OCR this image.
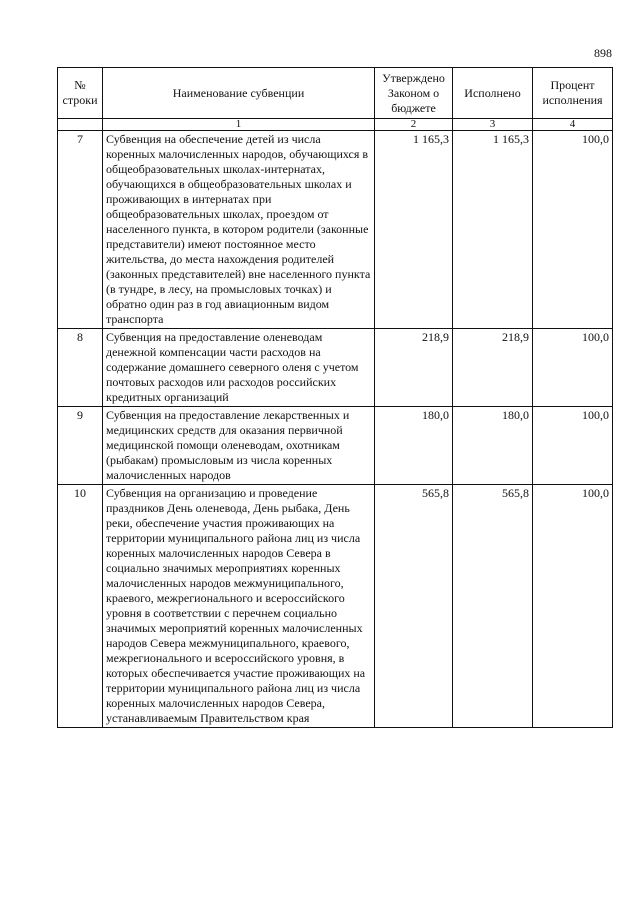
898
№ строки	Наименование субвенции	Утверждено Законом о бюджете	Исполнено	Процент исполнения
	1	2	3	4
7	Субвенция на обеспечение детей из числа коренных малочисленных народов, обучающихся в общеобразовательных школах-интернатах, обучающихся в общеобразовательных школах и проживающих в интернатах при общеобразовательных школах, проездом от населенного пункта, в котором родители (законные представители) имеют постоянное место жительства, до места нахождения родителей (законных представителей) вне населенного пункта (в тундре, в лесу, на промысловых точках) и обратно один раз в год авиационным видом транспорта	1 165,3	1 165,3	100,0
8	Субвенция на предоставление оленеводам денежной компенсации части расходов на содержание домашнего северного оленя с учетом почтовых расходов или расходов российских кредитных организаций	218,9	218,9	100,0
9	Субвенция на предоставление лекарственных и медицинских средств для оказания первичной медицинской помощи оленеводам, охотникам (рыбакам) промысловым из числа коренных малочисленных народов	180,0	180,0	100,0
10	Субвенция на организацию и проведение праздников День оленевода, День рыбака, День реки, обеспечение участия проживающих на территории муниципального района лиц из числа коренных малочисленных народов Севера в социально значимых мероприятиях коренных малочисленных народов межмуниципального, краевого, межрегионального и всероссийского уровня в соответствии с перечнем социально значимых мероприятий коренных малочисленных народов Севера межмуниципального, краевого, межрегионального и всероссийского уровня, в которых обеспечивается участие проживающих на территории муниципального района лиц из числа коренных малочисленных народов Севера, устанавливаемым Правительством края	565,8	565,8	100,0
